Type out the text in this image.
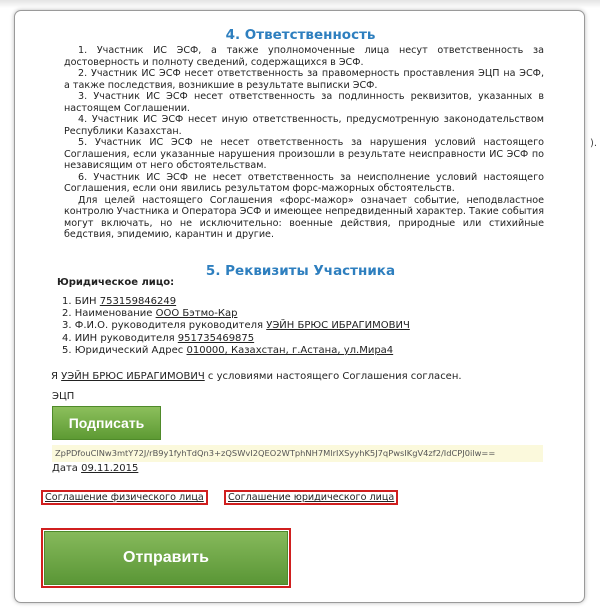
).
4. Ответственность

1. Участник ИС ЭСФ, а также уполномоченные лица несут ответственность за достоверность и полноту сведений, содержащихся в ЭСФ.

2. Участник ИС ЭСФ несет ответственность за правомерность проставления ЭЦП на ЭСФ, а также последствия, возникшие в результате выписки ЭСФ.

3. Участник ИС ЭСФ несет ответственность за подлинность реквизитов, указанных в настоящем Соглашении.

4. Участник ИС ЭСФ несет иную ответственность, предусмотренную законодательством Республики Казахстан.

5. Участник ИС ЭСФ не несет ответственность за нарушения условий настоящего Соглашения, если указанные нарушения произошли в результате неисправности ИС ЭСФ по независящим от него обстоятельствам.

6. Участник ИС ЭСФ не несет ответственность за неисполнение условий настоящего Соглашения, если они явились результатом форс-мажорных обстоятельств.

Для целей настоящего Соглашения «форс-мажор» означает событие, неподвластное контролю Участника и Оператора ЭСФ и имеющее непредвиденный характер. Такие события могут включать, но не исключительно: военные действия, природные или стихийные бедствия, эпидемию, карантин и другие.

5. Реквизиты Участника
Юридическое лицо:
1. БИН 753159846249
2. Наименование ООО Бэтмо-Кар
3. Ф.И.О. руководителя руководителя УЭЙН БРЮС ИБРАГИМОВИЧ
4. ИИН руководителя 951735469875
5. Юридический Адрес 010000, Казахстан, г.Астана, ул.Мира4
Я УЭЙН БРЮС ИБРАГИМОВИЧ с условиями настоящего Соглашения согласен.
ЭЦП
Подписать
ZpPDfouClNw3mtY72J/rB9y1fyhTdQn3+zQSWvI2QEO2WTphNH7MlrIXSyyhK5J7qPwsIKgV4zf2/IdCPJ0ilw==
Дата 09.11.2015
Соглашение физического лица	Соглашение юридического лица
Отправить
